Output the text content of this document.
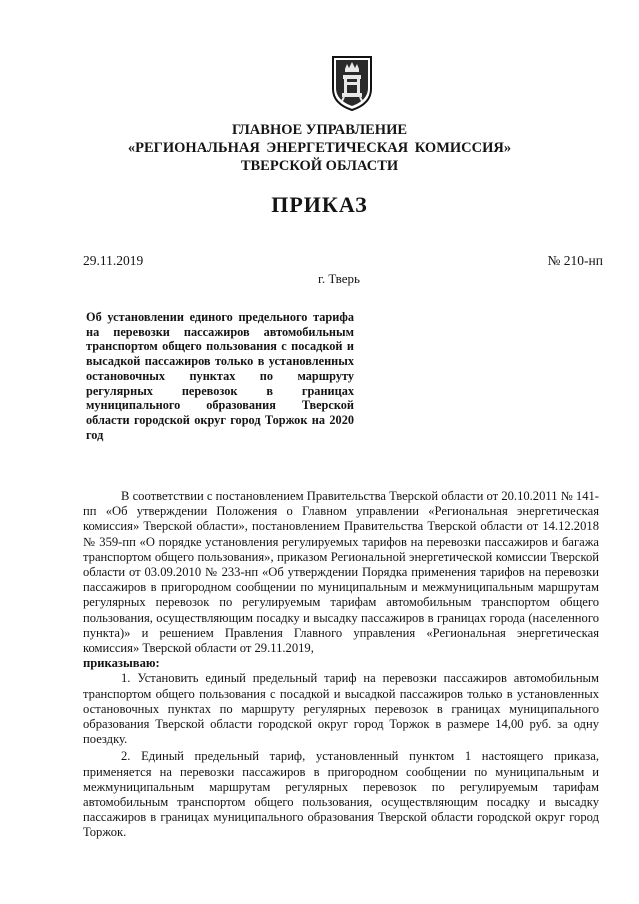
ГЛАВНОЕ УПРАВЛЕНИЕ
«РЕГИОНАЛЬНАЯ ЭНЕРГЕТИЧЕСКАЯ КОМИССИЯ»
ТВЕРСКОЙ ОБЛАСТИ
ПРИКАЗ
29.11.2019	№ 210-нп
г. Тверь
Об установлении единого предельного тарифа на перевозки пассажиров автомобильным транспортом общего пользования с посадкой и высадкой пассажиров только в установленных остановочных пунктах по маршруту регулярных перевозок в границах муниципального образования Тверской области городской округ город Торжок на 2020 год

В соответствии с постановлением Правительства Тверской области от 20.10.2011 № 141-пп «Об утверждении Положения о Главном управлении «Региональная энергетическая комиссия» Тверской области», постановлением Правительства Тверской области от 14.12.2018 № 359-пп «О порядке установления регулируемых тарифов на перевозки пассажиров и багажа транспортом общего пользования», приказом Региональной энергетической комиссии Тверской области от 03.09.2010 № 233-нп «Об утверждении Порядка применения тарифов на перевозки пассажиров в пригородном сообщении по муниципальным и межмуниципальным маршрутам регулярных перевозок по регулируемым тарифам автомобильным транспортом общего пользования, осуществляющим посадку и высадку пассажиров в границах города (населенного пункта)» и решением Правления Главного управления «Региональная энергетическая комиссия» Тверской области от 29.11.2019,

приказываю:

1. Установить единый предельный тариф на перевозки пассажиров автомобильным транспортом общего пользования с посадкой и высадкой пассажиров только в установленных остановочных пунктах по маршруту регулярных перевозок в границах муниципального образования Тверской области городской округ город Торжок в размере 14,00 руб. за одну поездку.

2. Единый предельный тариф, установленный пунктом 1 настоящего приказа, применяется на перевозки пассажиров в пригородном сообщении по муниципальным и межмуниципальным маршрутам регулярных перевозок по регулируемым тарифам автомобильным транспортом общего пользования, осуществляющим посадку и высадку пассажиров в границах муниципального образования Тверской области городской округ город Торжок.
